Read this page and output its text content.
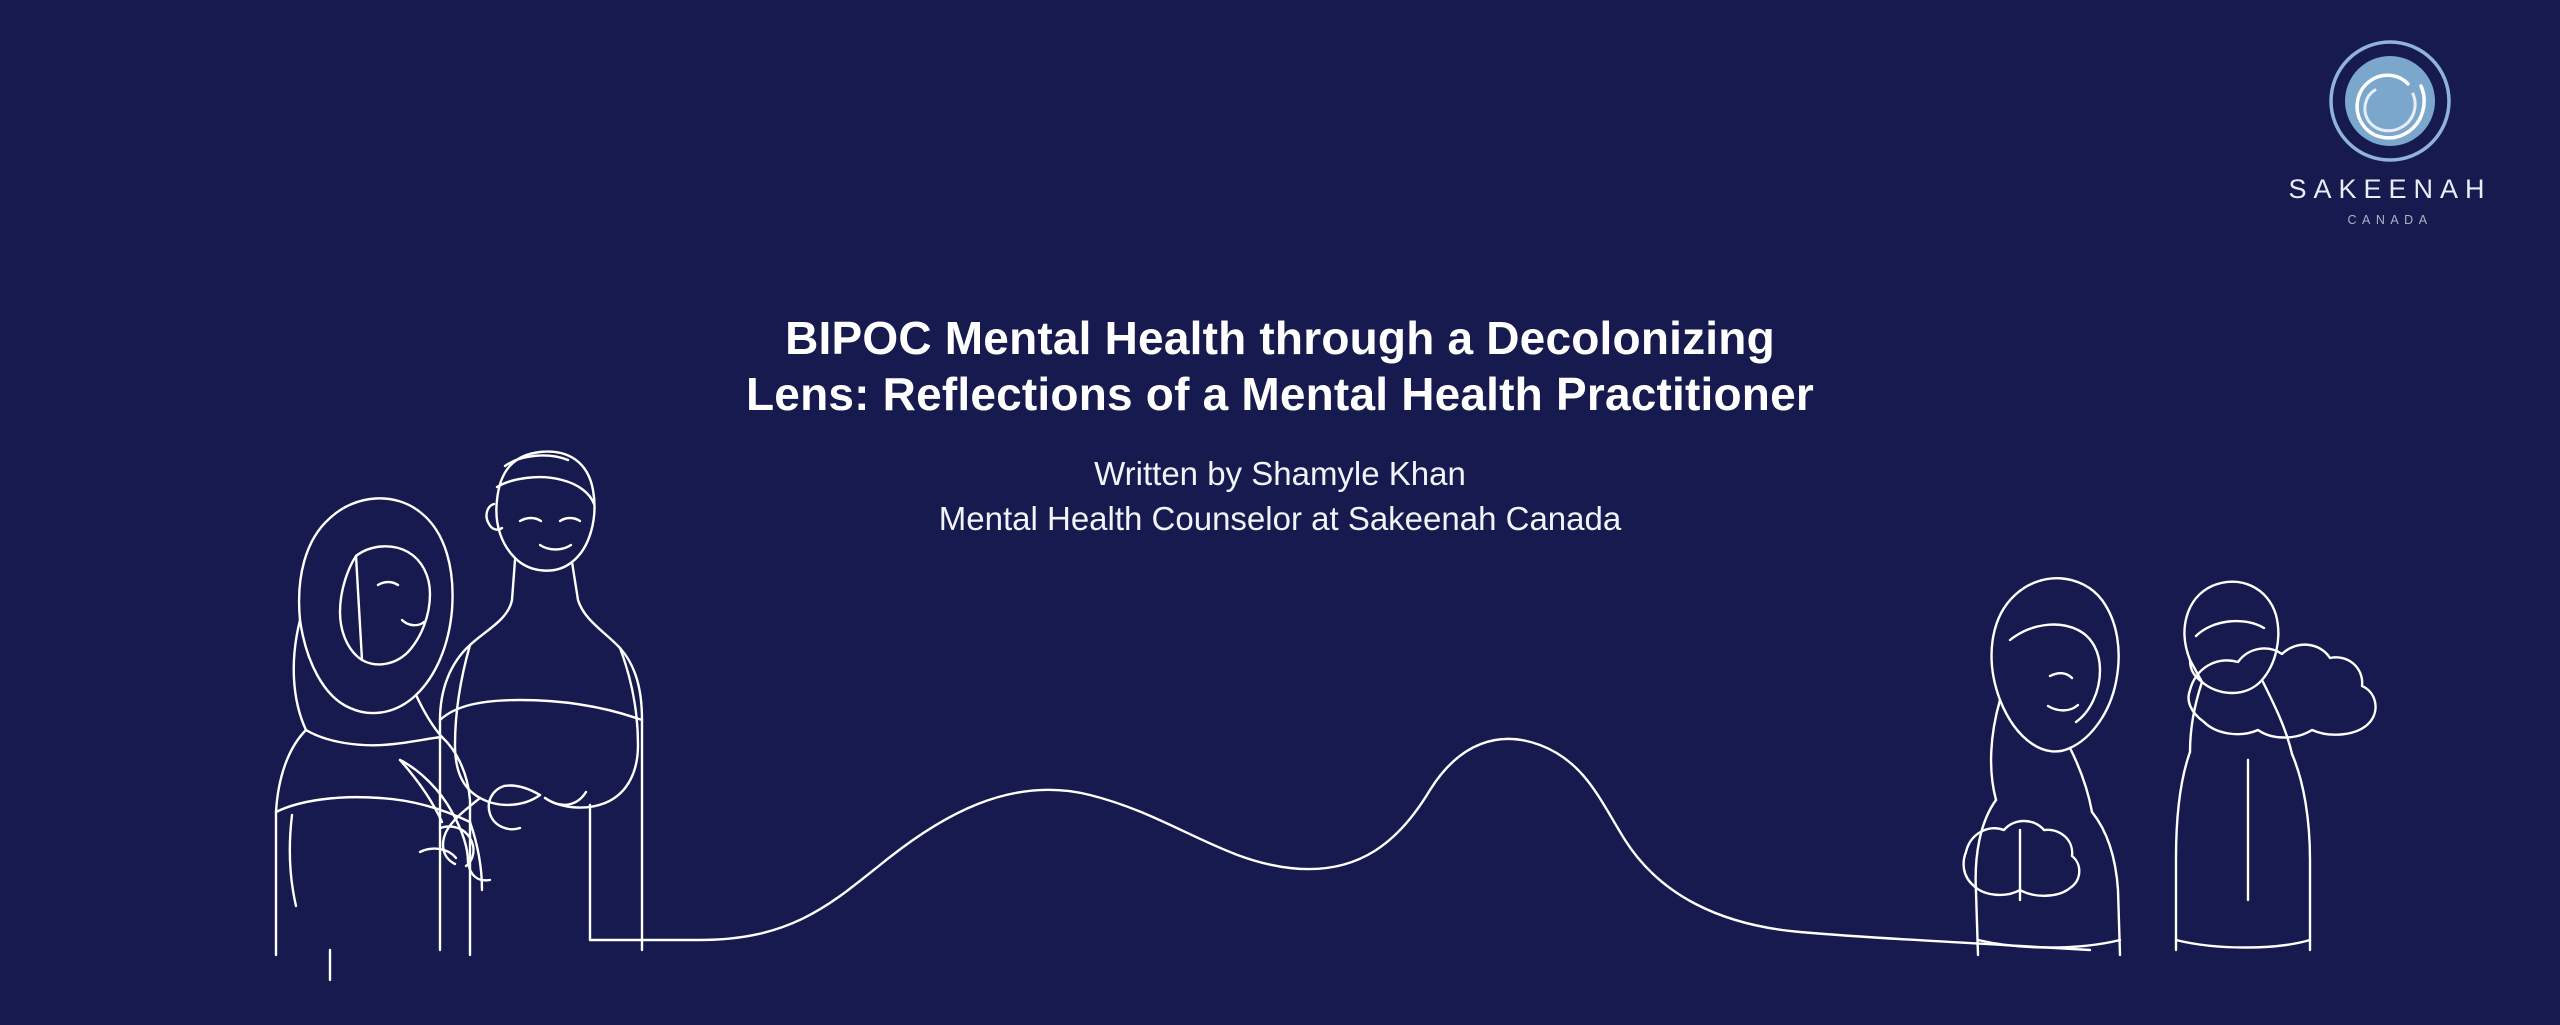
SAKEENAH
CANADA
BIPOC Mental Health through a Decolonizing Lens: Reflections of a Mental Health Practitioner
Written by Shamyle Khan
Mental Health Counselor at Sakeenah Canada
